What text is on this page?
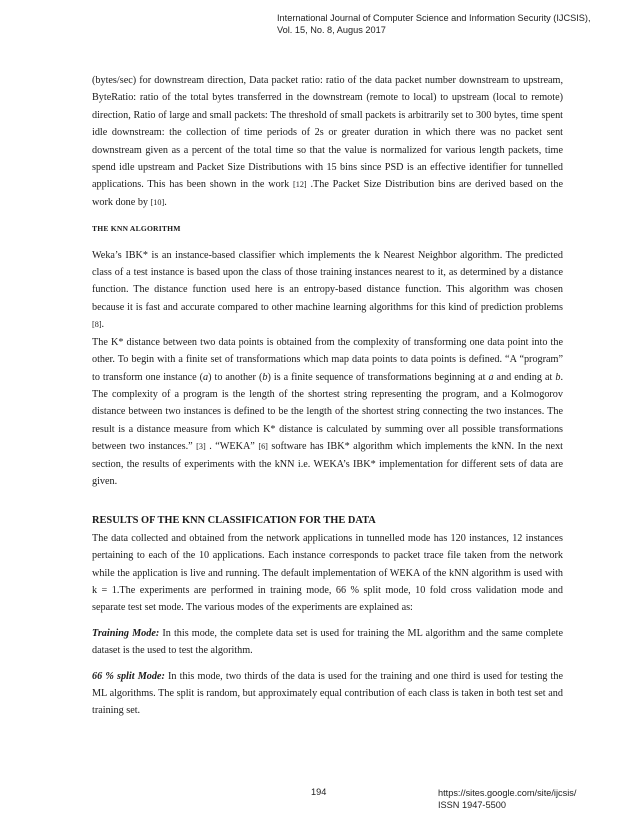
International Journal of Computer Science and Information Security (IJCSIS),
Vol. 15, No. 8, Augus 2017

(bytes/sec) for downstream direction, Data packet ratio: ratio of the data packet number downstream to upstream, ByteRatio: ratio of the total bytes transferred in the downstream (remote to local) to upstream (local to remote) direction, Ratio of large and small packets: The threshold of small packets is arbitrarily set to 300 bytes, time spent idle downstream: the collection of time periods of 2s or greater duration in which there was no packet sent downstream given as a percent of the total time so that the value is normalized for various length packets, time spend idle upstream and Packet Size Distributions with 15 bins since PSD is an effective identifier for tunnelled applications. This has been shown in the work [12] .The Packet Size Distribution bins are derived based on the work done by [10].

THE KNN ALGORITHM

Weka’s IBK* is an instance-based classifier which implements the k Nearest Neighbor algorithm. The predicted class of a test instance is based upon the class of those training instances nearest to it, as determined by a distance function. The distance function used here is an entropy-based distance function. This algorithm was chosen because it is fast and accurate compared to other machine learning algorithms for this kind of prediction problems [8].

The K* distance between two data points is obtained from the complexity of transforming one data point into the other. To begin with a finite set of transformations which map data points to data points is defined. “A “program” to transform one instance (a) to another (b) is a finite sequence of transformations beginning at a and ending at b. The complexity of a program is the length of the shortest string representing the program, and a Kolmogorov distance between two instances is defined to be the length of the shortest string connecting the two instances. The result is a distance measure from which K* distance is calculated by summing over all possible transformations between two instances.” [3] . “WEKA” [6] software has IBK* algorithm which implements the kNN. In the next section, the results of experiments with the kNN i.e. WEKA’s IBK* implementation for different sets of data are given.

RESULTS OF THE KNN CLASSIFICATION FOR THE DATA

The data collected and obtained from the network applications in tunnelled mode has 120 instances, 12 instances pertaining to each of the 10 applications. Each instance corresponds to packet trace file taken from the network while the application is live and running. The default implementation of WEKA of the kNN algorithm is used with k = 1.The experiments are performed in training mode, 66 % split mode, 10 fold cross validation mode and separate test set mode. The various modes of the experiments are explained as:

Training Mode: In this mode, the complete data set is used for training the ML algorithm and the same complete dataset is the used to test the algorithm.

66 % split Mode: In this mode, two thirds of the data is used for the training and one third is used for testing the ML algorithms. The split is random, but approximately equal contribution of each class is taken in both test set and training set.

194	https://sites.google.com/site/ijcsis/
ISSN 1947-5500
